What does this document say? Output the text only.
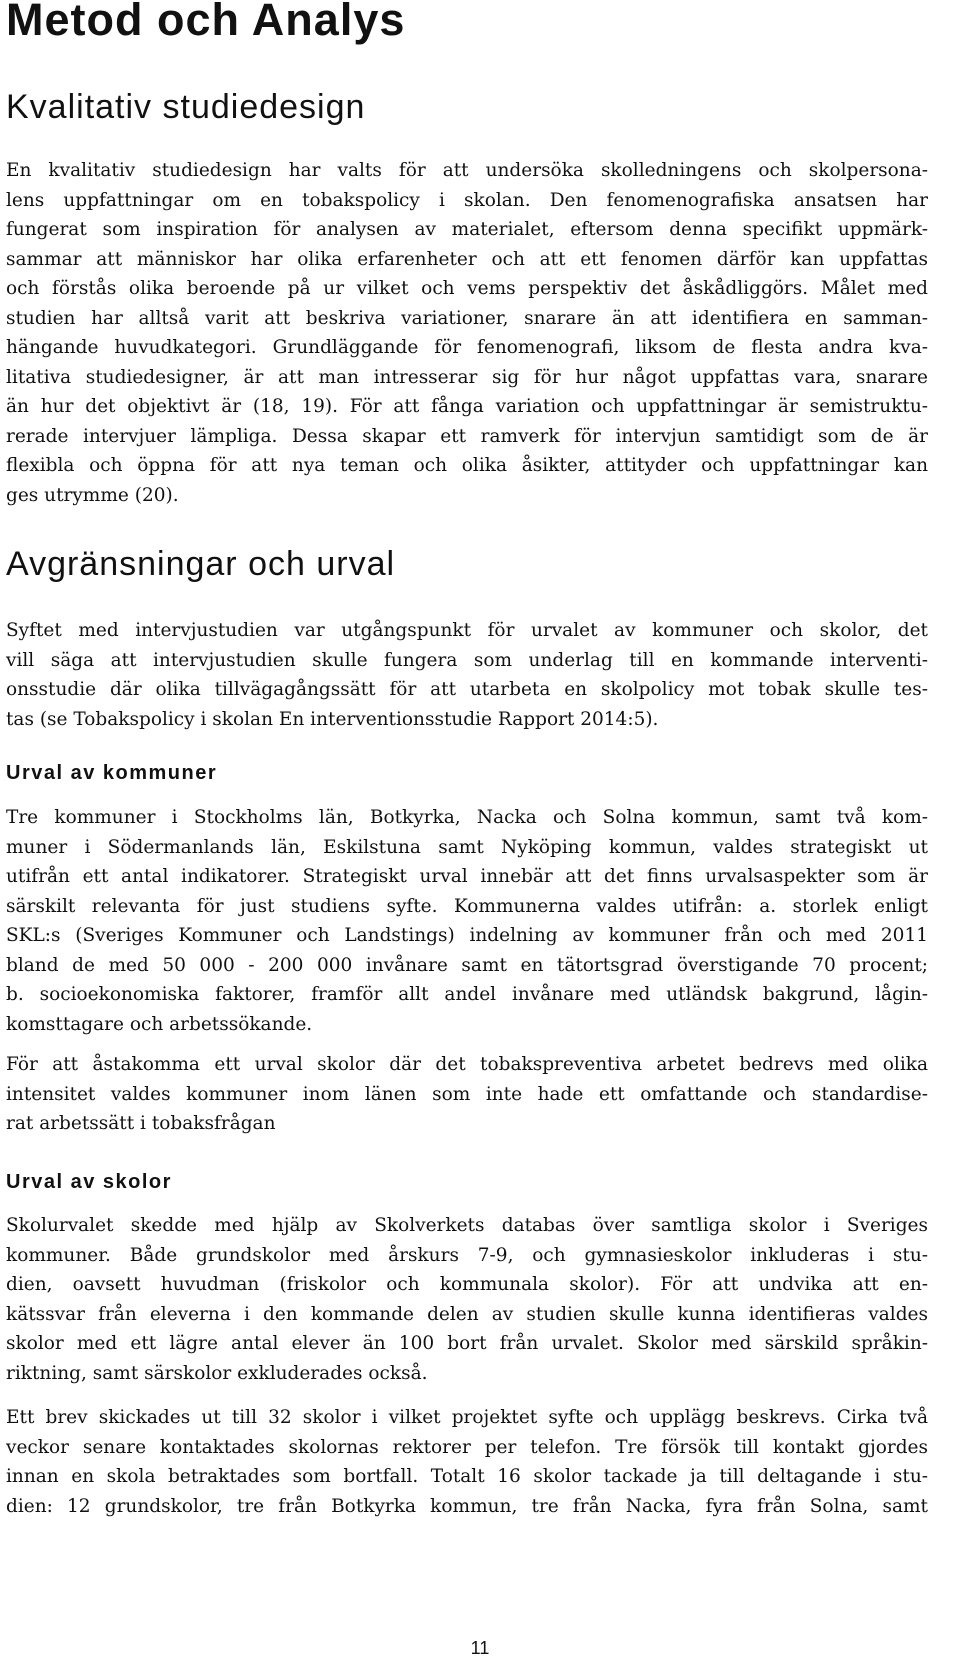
Metod och Analys
Kvalitativ studiedesign

En kvalitativ studiedesign har valts för att undersöka skolledningens och skolpersona-
lens uppfattningar om en tobakspolicy i skolan. Den fenomenografiska ansatsen har
fungerat som inspiration för analysen av materialet, eftersom denna specifikt uppmärk-
sammar att människor har olika erfarenheter och att ett fenomen därför kan uppfattas
och förstås olika beroende på ur vilket och vems perspektiv det åskådliggörs. Målet med
studien har alltså varit att beskriva variationer, snarare än att identifiera en samman-
hängande huvudkategori. Grundläggande för fenomenografi, liksom de flesta andra kva-
litativa studiedesigner, är att man intresserar sig för hur något uppfattas vara, snarare
än hur det objektivt är (18, 19). För att fånga variation och uppfattningar är semistruktu-
rerade intervjuer lämpliga. Dessa skapar ett ramverk för intervjun samtidigt som de är
flexibla och öppna för att nya teman och olika åsikter, attityder och uppfattningar kan
ges utrymme (20).

Avgränsningar och urval

Syftet med intervjustudien var utgångspunkt för urvalet av kommuner och skolor, det
vill säga att intervjustudien skulle fungera som underlag till en kommande interventi-
onsstudie där olika tillvägagångssätt för att utarbeta en skolpolicy mot tobak skulle tes-
tas (se Tobakspolicy i skolan En interventionsstudie Rapport 2014:5).

Urval av kommuner

Tre kommuner i Stockholms län, Botkyrka, Nacka och Solna kommun, samt två kom-
muner i Södermanlands län, Eskilstuna samt Nyköping kommun, valdes strategiskt ut
utifrån ett antal indikatorer. Strategiskt urval innebär att det finns urvalsaspekter som är
särskilt relevanta för just studiens syfte. Kommunerna valdes utifrån: a. storlek enligt
SKL:s (Sveriges Kommuner och Landstings) indelning av kommuner från och med 2011
bland de med 50 000 - 200 000 invånare samt en tätortsgrad överstigande 70 procent;
b. socioekonomiska faktorer, framför allt andel invånare med utländsk bakgrund, lågin-
komsttagare och arbetssökande.

För att åstakomma ett urval skolor där det tobakspreventiva arbetet bedrevs med olika
intensitet valdes kommuner inom länen som inte hade ett omfattande och standardise-
rat arbetssätt i tobaksfrågan

Urval av skolor

Skolurvalet skedde med hjälp av Skolverkets databas över samtliga skolor i Sveriges
kommuner. Både grundskolor med årskurs 7-9, och gymnasieskolor inkluderas i stu-
dien, oavsett huvudman (friskolor och kommunala skolor). För att undvika att en-
kätssvar från eleverna i den kommande delen av studien skulle kunna identifieras valdes
skolor med ett lägre antal elever än 100 bort från urvalet. Skolor med särskild språkin-
riktning, samt särskolor exkluderades också.

Ett brev skickades ut till 32 skolor i vilket projektet syfte och upplägg beskrevs. Cirka två
veckor senare kontaktades skolornas rektorer per telefon. Tre försök till kontakt gjordes
innan en skola betraktades som bortfall. Totalt 16 skolor tackade ja till deltagande i stu-
dien: 12 grundskolor, tre från Botkyrka kommun, tre från Nacka, fyra från Solna, samt

11
